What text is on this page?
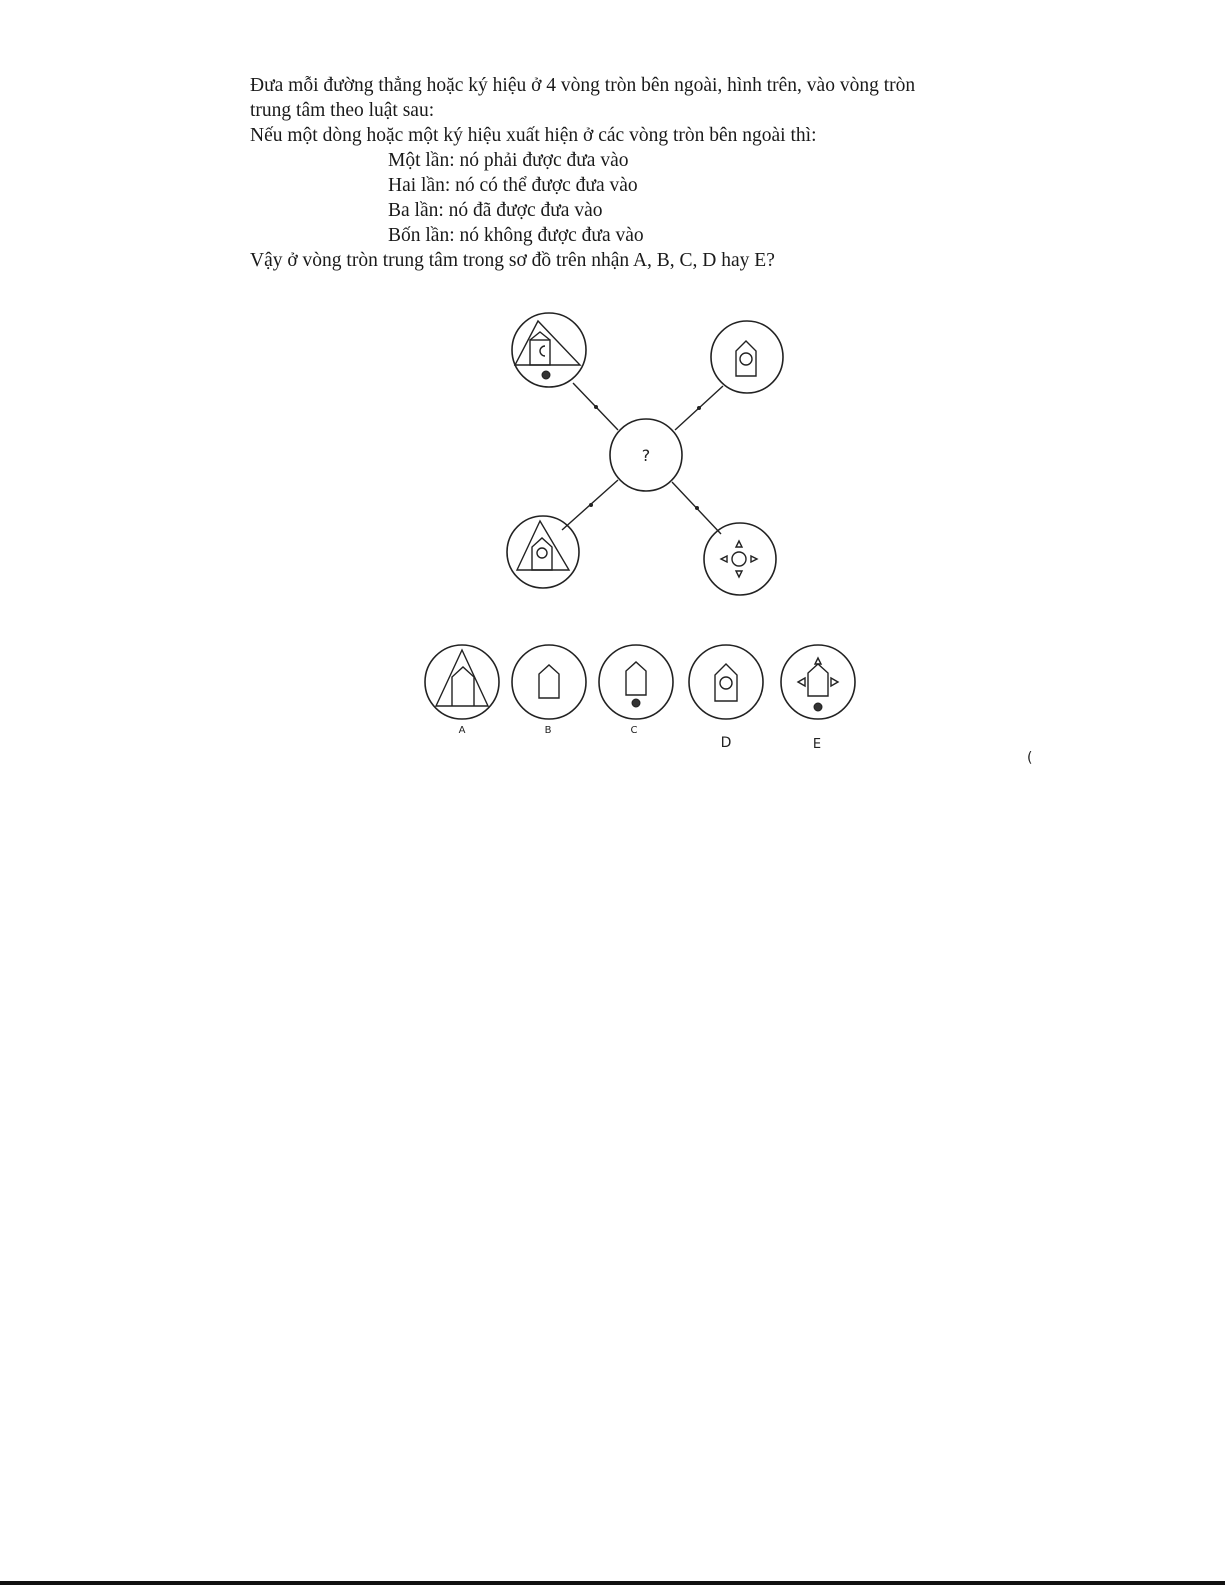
Đưa mỗi đường thẳng hoặc ký hiệu ở 4 vòng tròn bên ngoài, hình trên, vào vòng tròn

trung tâm theo luật sau:

Nếu một dòng hoặc một ký hiệu xuất hiện ở các vòng tròn bên ngoài thì:

Một lần: nó phải được đưa vào

Hai lần: nó có thể được đưa vào

Ba lần: nó đã được đưa vào

Bốn lần: nó không được đưa vào

Vậy ở vòng tròn trung tâm trong sơ đồ trên nhận A, B, C, D hay E?

?
A	B	C
D	E
(
